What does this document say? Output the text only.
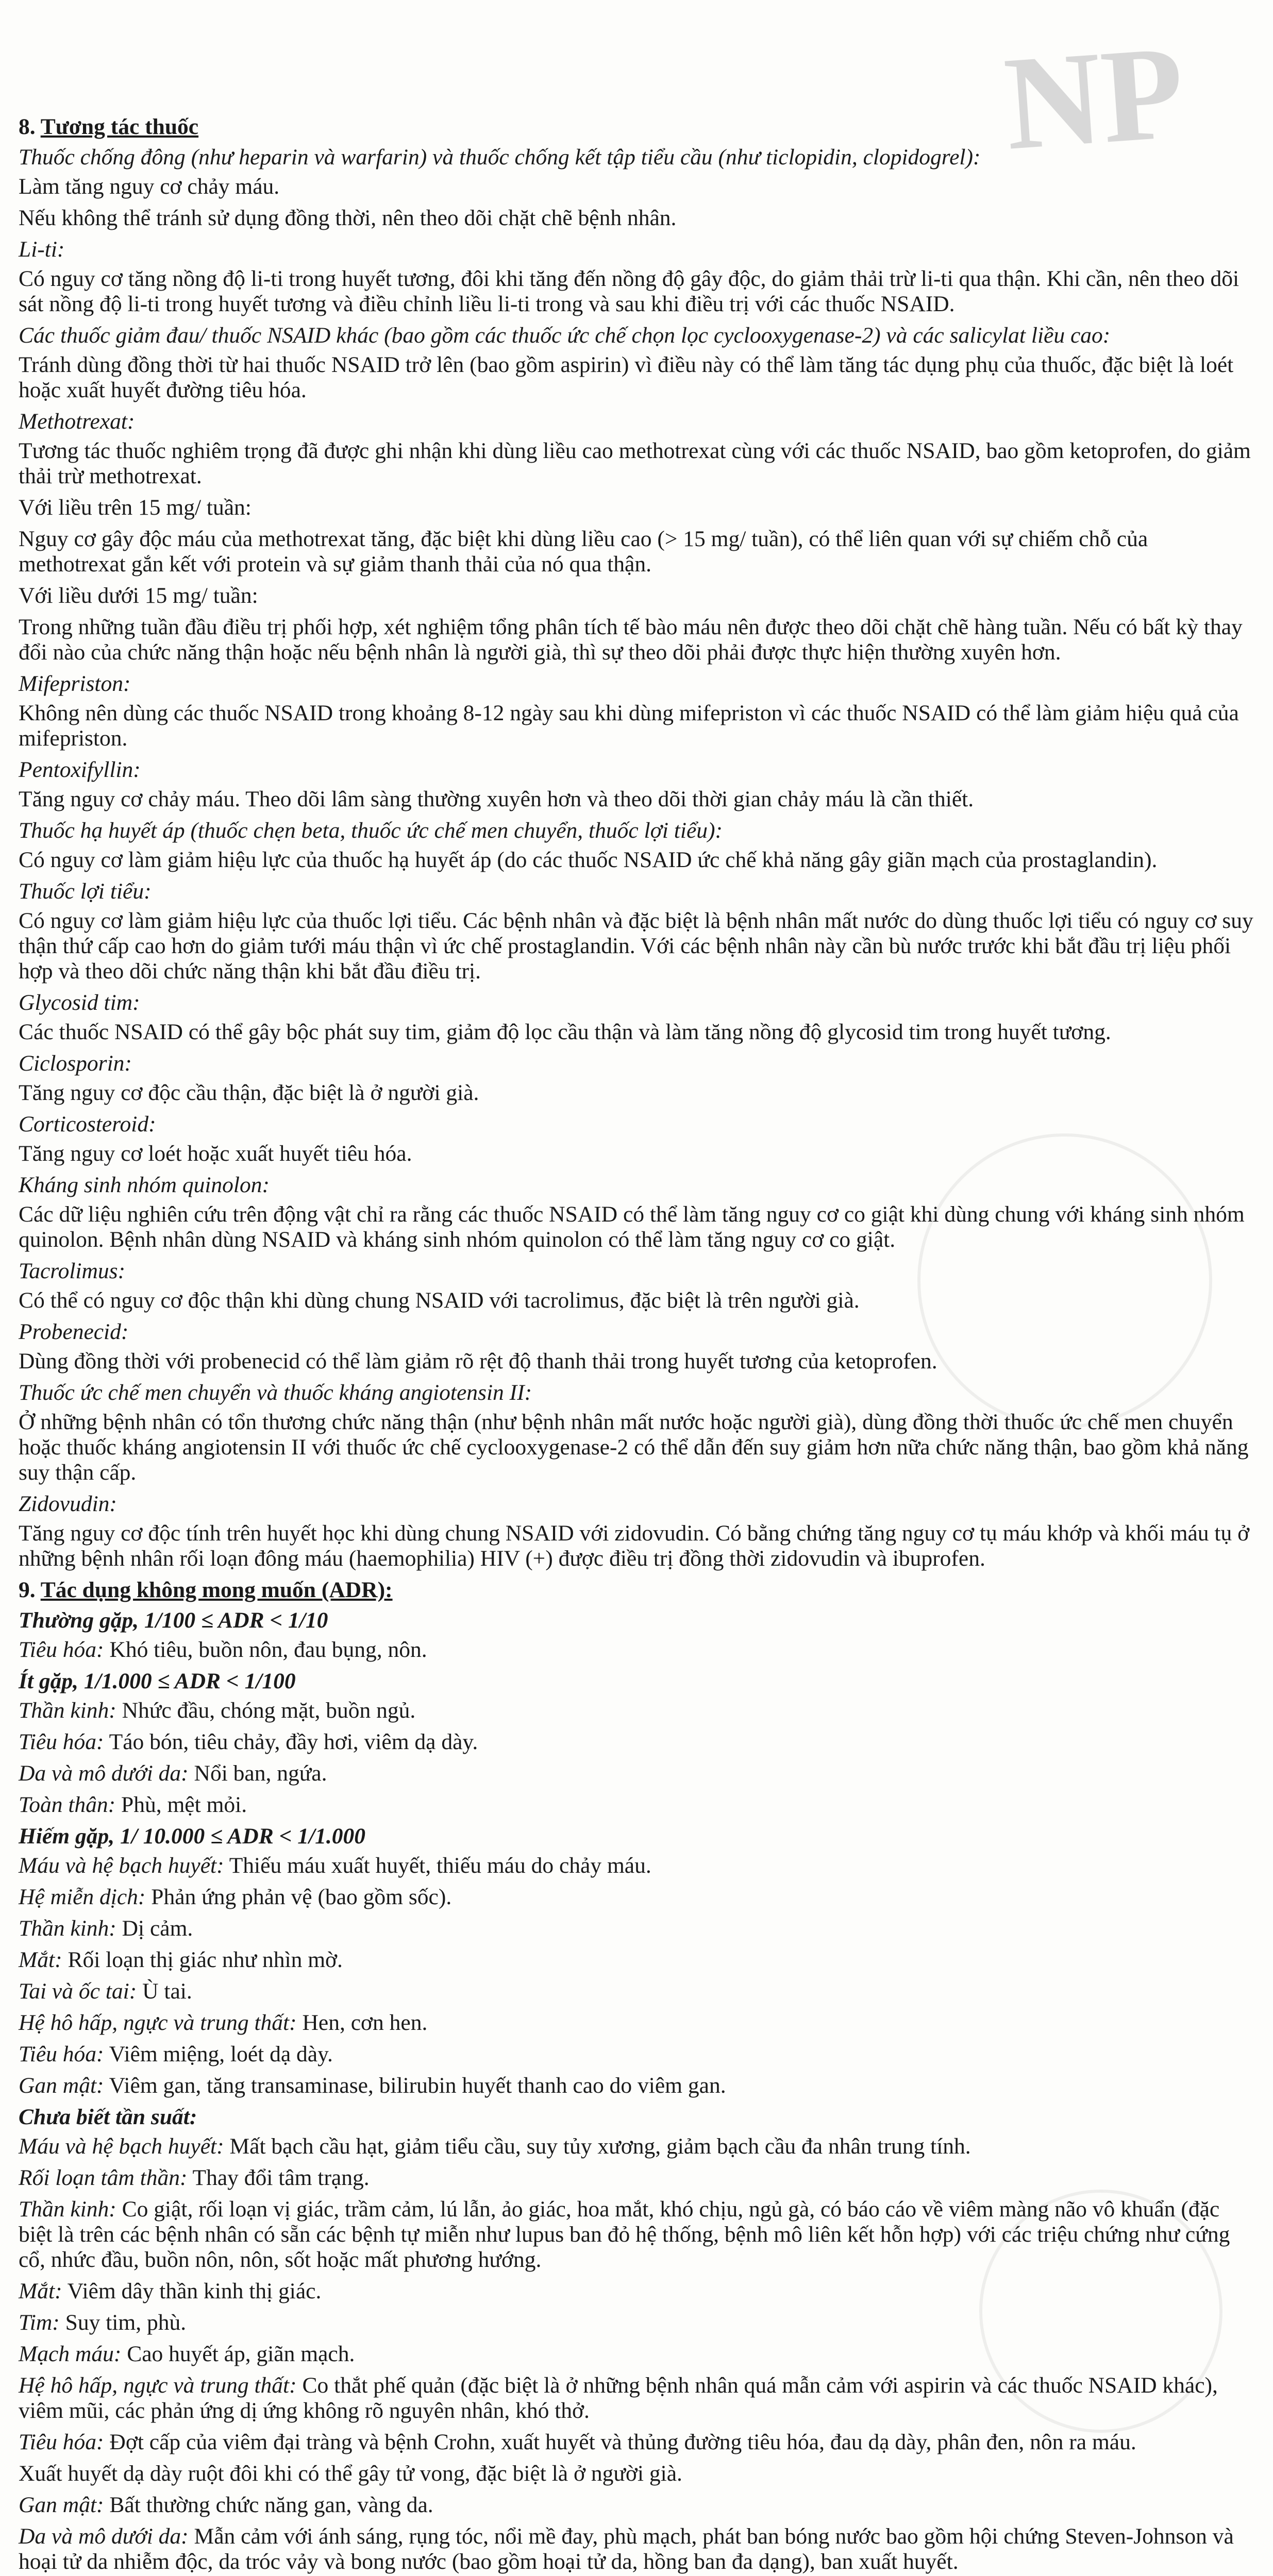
NP
8. Tương tác thuốc
Thuốc chống đông (như heparin và warfarin) và thuốc chống kết tập tiểu cầu (như ticlopidin, clopidogrel):
Làm tăng nguy cơ chảy máu.
Nếu không thể tránh sử dụng đồng thời, nên theo dõi chặt chẽ bệnh nhân.
Li-ti:
Có nguy cơ tăng nồng độ li-ti trong huyết tương, đôi khi tăng đến nồng độ gây độc, do giảm thải trừ li-ti qua thận. Khi cần, nên theo dõi sát nồng độ li-ti trong huyết tương và điều chỉnh liều li-ti trong và sau khi điều trị với các thuốc NSAID.
Các thuốc giảm đau/ thuốc NSAID khác (bao gồm các thuốc ức chế chọn lọc cyclooxygenase-2) và các salicylat liều cao:
Tránh dùng đồng thời từ hai thuốc NSAID trở lên (bao gồm aspirin) vì điều này có thể làm tăng tác dụng phụ của thuốc, đặc biệt là loét hoặc xuất huyết đường tiêu hóa.
Methotrexat:
Tương tác thuốc nghiêm trọng đã được ghi nhận khi dùng liều cao methotrexat cùng với các thuốc NSAID, bao gồm ketoprofen, do giảm thải trừ methotrexat.
Với liều trên 15 mg/ tuần:
Nguy cơ gây độc máu của methotrexat tăng, đặc biệt khi dùng liều cao (> 15 mg/ tuần), có thể liên quan với sự chiếm chỗ của methotrexat gắn kết với protein và sự giảm thanh thải của nó qua thận.
Với liều dưới 15 mg/ tuần:
Trong những tuần đầu điều trị phối hợp, xét nghiệm tổng phân tích tế bào máu nên được theo dõi chặt chẽ hàng tuần. Nếu có bất kỳ thay đổi nào của chức năng thận hoặc nếu bệnh nhân là người già, thì sự theo dõi phải được thực hiện thường xuyên hơn.
Mifepriston:
Không nên dùng các thuốc NSAID trong khoảng 8-12 ngày sau khi dùng mifepriston vì các thuốc NSAID có thể làm giảm hiệu quả của mifepriston.
Pentoxifyllin:
Tăng nguy cơ chảy máu. Theo dõi lâm sàng thường xuyên hơn và theo dõi thời gian chảy máu là cần thiết.
Thuốc hạ huyết áp (thuốc chẹn beta, thuốc ức chế men chuyển, thuốc lợi tiểu):
Có nguy cơ làm giảm hiệu lực của thuốc hạ huyết áp (do các thuốc NSAID ức chế khả năng gây giãn mạch của prostaglandin).
Thuốc lợi tiểu:
Có nguy cơ làm giảm hiệu lực của thuốc lợi tiểu. Các bệnh nhân và đặc biệt là bệnh nhân mất nước do dùng thuốc lợi tiểu có nguy cơ suy thận thứ cấp cao hơn do giảm tưới máu thận vì ức chế prostaglandin. Với các bệnh nhân này cần bù nước trước khi bắt đầu trị liệu phối hợp và theo dõi chức năng thận khi bắt đầu điều trị.
Glycosid tim:
Các thuốc NSAID có thể gây bộc phát suy tim, giảm độ lọc cầu thận và làm tăng nồng độ glycosid tim trong huyết tương.
Ciclosporin:
Tăng nguy cơ độc cầu thận, đặc biệt là ở người già.
Corticosteroid:
Tăng nguy cơ loét hoặc xuất huyết tiêu hóa.
Kháng sinh nhóm quinolon:
Các dữ liệu nghiên cứu trên động vật chỉ ra rằng các thuốc NSAID có thể làm tăng nguy cơ co giật khi dùng chung với kháng sinh nhóm quinolon. Bệnh nhân dùng NSAID và kháng sinh nhóm quinolon có thể làm tăng nguy cơ co giật.
Tacrolimus:
Có thể có nguy cơ độc thận khi dùng chung NSAID với tacrolimus, đặc biệt là trên người già.
Probenecid:
Dùng đồng thời với probenecid có thể làm giảm rõ rệt độ thanh thải trong huyết tương của ketoprofen.
Thuốc ức chế men chuyển và thuốc kháng angiotensin II:
Ở những bệnh nhân có tổn thương chức năng thận (như bệnh nhân mất nước hoặc người già), dùng đồng thời thuốc ức chế men chuyển hoặc thuốc kháng angiotensin II với thuốc ức chế cyclooxygenase-2 có thể dẫn đến suy giảm hơn nữa chức năng thận, bao gồm khả năng suy thận cấp.
Zidovudin:
Tăng nguy cơ độc tính trên huyết học khi dùng chung NSAID với zidovudin. Có bằng chứng tăng nguy cơ tụ máu khớp và khối máu tụ ở những bệnh nhân rối loạn đông máu (haemophilia) HIV (+) được điều trị đồng thời zidovudin và ibuprofen.
9. Tác dụng không mong muốn (ADR):
Thường gặp, 1/100 ≤ ADR < 1/10
Tiêu hóa: Khó tiêu, buồn nôn, đau bụng, nôn.
Ít gặp, 1/1.000 ≤ ADR < 1/100
Thần kinh: Nhức đầu, chóng mặt, buồn ngủ.
Tiêu hóa: Táo bón, tiêu chảy, đầy hơi, viêm dạ dày.
Da và mô dưới da: Nổi ban, ngứa.
Toàn thân: Phù, mệt mỏi.
Hiếm gặp, 1/ 10.000 ≤ ADR < 1/1.000
Máu và hệ bạch huyết: Thiếu máu xuất huyết, thiếu máu do chảy máu.
Hệ miễn dịch: Phản ứng phản vệ (bao gồm sốc).
Thần kinh: Dị cảm.
Mắt: Rối loạn thị giác như nhìn mờ.
Tai và ốc tai: Ù tai.
Hệ hô hấp, ngực và trung thất: Hen, cơn hen.
Tiêu hóa: Viêm miệng, loét dạ dày.
Gan mật: Viêm gan, tăng transaminase, bilirubin huyết thanh cao do viêm gan.
Chưa biết tần suất:
Máu và hệ bạch huyết: Mất bạch cầu hạt, giảm tiểu cầu, suy tủy xương, giảm bạch cầu đa nhân trung tính.
Rối loạn tâm thần: Thay đổi tâm trạng.
Thần kinh: Co giật, rối loạn vị giác, trầm cảm, lú lẫn, ảo giác, hoa mắt, khó chịu, ngủ gà, có báo cáo về viêm màng não vô khuẩn (đặc biệt là trên các bệnh nhân có sẵn các bệnh tự miễn như lupus ban đỏ hệ thống, bệnh mô liên kết hỗn hợp) với các triệu chứng như cứng cổ, nhức đầu, buồn nôn, nôn, sốt hoặc mất phương hướng.
Mắt: Viêm dây thần kinh thị giác.
Tim: Suy tim, phù.
Mạch máu: Cao huyết áp, giãn mạch.
Hệ hô hấp, ngực và trung thất: Co thắt phế quản (đặc biệt là ở những bệnh nhân quá mẫn cảm với aspirin và các thuốc NSAID khác), viêm mũi, các phản ứng dị ứng không rõ nguyên nhân, khó thở.
Tiêu hóa: Đợt cấp của viêm đại tràng và bệnh Crohn, xuất huyết và thủng đường tiêu hóa, đau dạ dày, phân đen, nôn ra máu.
Xuất huyết dạ dày ruột đôi khi có thể gây tử vong, đặc biệt là ở người già.
Gan mật: Bất thường chức năng gan, vàng da.
Da và mô dưới da: Mẫn cảm với ánh sáng, rụng tóc, nổi mề đay, phù mạch, phát ban bóng nước bao gồm hội chứng Steven-Johnson và hoại tử da nhiễm độc, da tróc vảy và bong nước (bao gồm hoại tử da, hồng ban đa dạng), ban xuất huyết.
